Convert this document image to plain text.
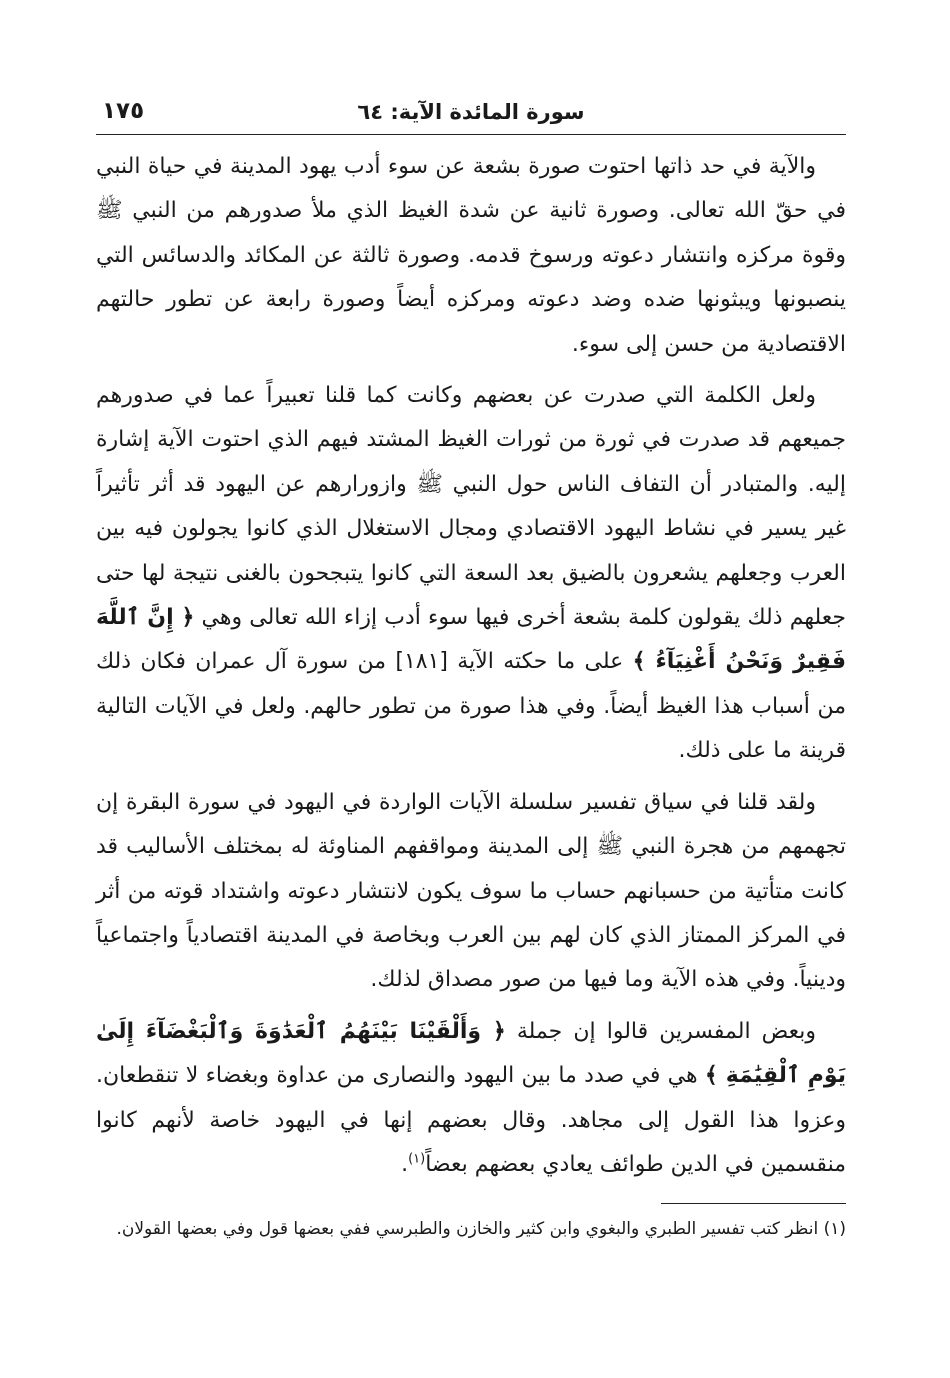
سورة المائدة الآية: ٦٤
١٧٥

والآية في حد ذاتها احتوت صورة بشعة عن سوء أدب يهود المدينة في حياة النبي في حقّ الله تعالى. وصورة ثانية عن شدة الغيظ الذي ملأ صدورهم من النبي ﷺ وقوة مركزه وانتشار دعوته ورسوخ قدمه. وصورة ثالثة عن المكائد والدسائس التي ينصبونها ويبثونها ضده وضد دعوته ومركزه أيضاً وصورة رابعة عن تطور حالتهم الاقتصادية من حسن إلى سوء.

ولعل الكلمة التي صدرت عن بعضهم وكانت كما قلنا تعبيراً عما في صدورهم جميعهم قد صدرت في ثورة من ثورات الغيظ المشتد فيهم الذي احتوت الآية إشارة إليه. والمتبادر أن التفاف الناس حول النبي ﷺ وازورارهم عن اليهود قد أثر تأثيراً غير يسير في نشاط اليهود الاقتصادي ومجال الاستغلال الذي كانوا يجولون فيه بين العرب وجعلهم يشعرون بالضيق بعد السعة التي كانوا يتبجحون بالغنى نتيجة لها حتى جعلهم ذلك يقولون كلمة بشعة أخرى فيها سوء أدب إزاء الله تعالى وهي ﴿ إِنَّ ٱللَّهَ فَقِيرٌ وَنَحْنُ أَغْنِيَآءُ ﴾ على ما حكته الآية [١٨١] من سورة آل عمران فكان ذلك من أسباب هذا الغيظ أيضاً. وفي هذا صورة من تطور حالهم. ولعل في الآيات التالية قرينة ما على ذلك.

ولقد قلنا في سياق تفسير سلسلة الآيات الواردة في اليهود في سورة البقرة إن تجهمهم من هجرة النبي ﷺ إلى المدينة ومواقفهم المناوئة له بمختلف الأساليب قد كانت متأتية من حسبانهم حساب ما سوف يكون لانتشار دعوته واشتداد قوته من أثر في المركز الممتاز الذي كان لهم بين العرب وبخاصة في المدينة اقتصادياً واجتماعياً ودينياً. وفي هذه الآية وما فيها من صور مصداق لذلك.

وبعض المفسرين قالوا إن جملة ﴿ وَأَلْقَيْنَا بَيْنَهُمُ ٱلْعَدَٰوَةَ وَٱلْبَغْضَآءَ إِلَىٰ يَوْمِ ٱلْقِيَٰمَةِ ﴾ هي في صدد ما بين اليهود والنصارى من عداوة وبغضاء لا تنقطعان. وعزوا هذا القول إلى مجاهد. وقال بعضهم إنها في اليهود خاصة لأنهم كانوا منقسمين في الدين طوائف يعادي بعضهم بعضاً$^{(١)}$.

(١) انظر كتب تفسير الطبري والبغوي وابن كثير والخازن والطبرسي ففي بعضها قول وفي بعضها القولان.
